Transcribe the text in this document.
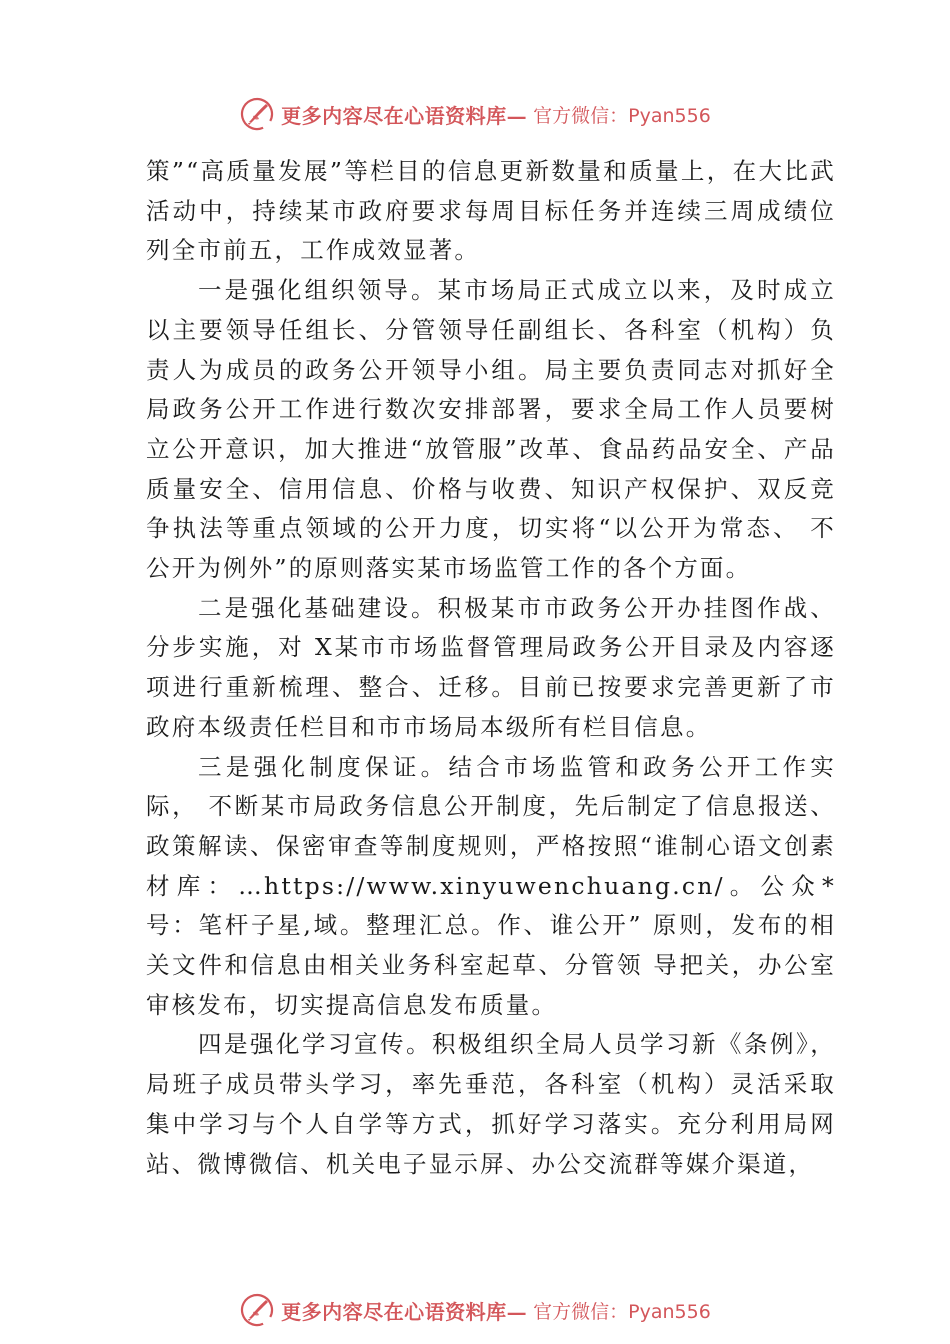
更多内容尽在心语资料库— 官方微信：Pyan556

策”“高质量发展”等栏目的信息更新数量和质量上，在大比武活动中，持续某市政府要求每周目标任务并连续三周成绩位列全市前五，工作成效显著。

一是强化组织领导。某市场局正式成立以来，及时成立以主要领导任组长、分管领导任副组长、各科室（机构）负责人为成员的政务公开领导小组。局主要负责同志对抓好全局政务公开工作进行数次安排部署，要求全局工作人员要树立公开意识，加大推进“放管服”改革、食品药品安全、产品质量安全、信用信息、价格与收费、知识产权保护、双反竞争执法等重点领域的公开力度，切实将“以公开为常态、 不公开为例外”的原则落实某市场监管工作的各个方面。

二是强化基础建设。积极某市市政务公开办挂图作战、分步实施，对 X某市市场监督管理局政务公开目录及内容逐项进行重新梳理、整合、迁移。目前已按要求完善更新了市政府本级责任栏目和市市场局本级所有栏目信息。

三是强化制度保证。结合市场监管和政务公开工作实际， 不断某市局政务信息公开制度，先后制定了信息报送、政策解读、保密审查等制度规则，严格按照“谁制心语文创素材库：…https://www.xinyuwenchuang.cn/。公众*号：笔杆子星,域。整理汇总。作、谁公开” 原则，发布的相关文件和信息由相关业务科室起草、分管领 导把关，办公室审核发布，切实提高信息发布质量。

四是强化学习宣传。积极组织全局人员学习新《条例》，局班子成员带头学习，率先垂范，各科室（机构）灵活采取集中学习与个人自学等方式，抓好学习落实。充分利用局网站、微博微信、机关电子显示屏、办公交流群等媒介渠道，

更多内容尽在心语资料库— 官方微信：Pyan556
